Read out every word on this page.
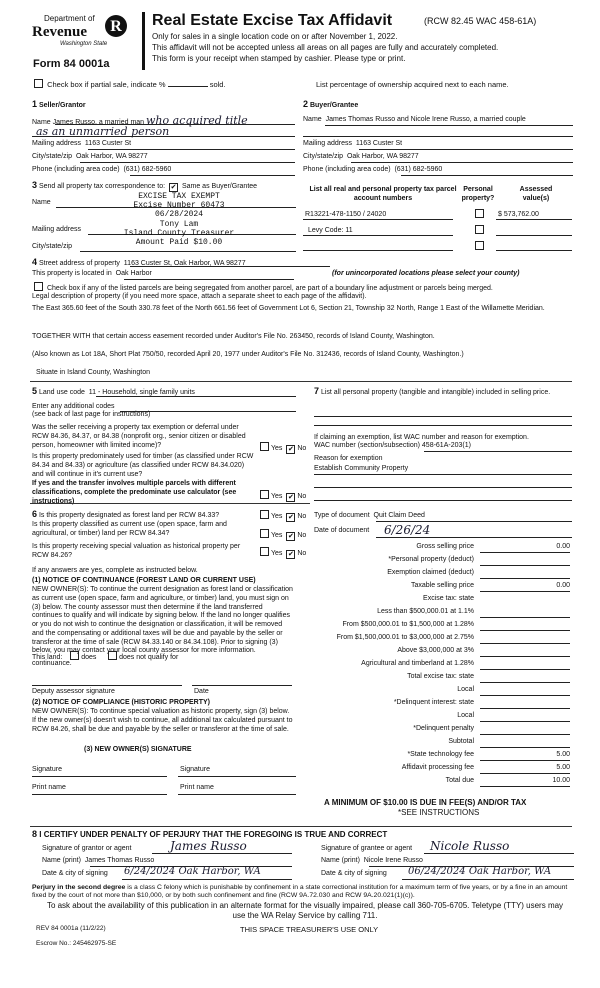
Department of
Revenue
Washington State
R
Form 84 0001a
Real Estate Excise Tax Affidavit	(RCW 82.45 WAC 458-61A)
Only for sales in a single location code on or after November 1, 2022.
This affidavit will not be accepted unless all areas on all pages are fully and accurately completed.
This form is your receipt when stamped by cashier. Please type or print.
Check box if partial sale, indicate %	sold.	List percentage of ownership acquired next to each name.
1 Seller/Grantor
Name James Russo, a married man who acquired title
as an unmarried person
Mailing address 1163 Custer St
City/state/zip Oak Harbor, WA 98277
Phone (including area code) (631) 682-5960
2 Buyer/Grantee
Name James Thomas Russo and Nicole Irene Russo, a married couple
Mailing address 1163 Custer St
City/state/zip Oak Harbor, WA 98277
Phone (including area code) (631) 682-5960
3 Send all property tax correspondence to: ✔ Same as Buyer/Grantee
Name
Mailing address
City/state/zip
EXCISE TAX EXEMPT
Excise Number 60473
06/28/2024
Tony Lam
Island County Treasurer
Amount Paid $10.00
List all real and personal property tax parcel account numbers
Personal property?
Assessed value(s)
R13221-478-1150 / 24020	$ 573,762.00
Levy Code: 11
4 Street address of property 1163 Custer St, Oak Harbor, WA 98277
This property is located in Oak Harbor	(for unincorporated locations please select your county)
Check box if any of the listed parcels are being segregated from another parcel, are part of a boundary line adjustment or parcels being merged.
Legal description of property (if you need more space, attach a separate sheet to each page of the affidavit).
The East 365.60 feet of the South 330.78 feet of the North 661.56 feet of Government Lot 6, Section 21, Township 32 North, Range 1 East of the Willamette Meridian.
TOGETHER WITH that certain access easement recorded under Auditor's File No. 263450, records of Island County, Washington.
(Also known as Lot 18A, Short Plat 750/50, recorded April 20, 1977 under Auditor's File No. 312436, records of Island County, Washington.)
Situate in Island County, Washington
5 Land use code 11 - Household, single family units
Enter any additional codes
(see back of last page for instructions)
Was the seller receiving a property tax exemption or deferral under RCW 84.36, 84.37, or 84.38 (nonprofit org., senior citizen or disabled person, homeowner with limited income)?	Yes ✔ No
Is this property predominately used for timber (as classified under RCW 84.34 and 84.33) or agriculture (as classified under RCW 84.34.020) and will continue in it's current use?
If yes and the transfer involves multiple parcels with different classifications, complete the predominate use calculator (see instructions)
Yes ✔ No
7 List all personal property (tangible and intangible) included in selling price.
If claiming an exemption, list WAC number and reason for exemption.
WAC number (section/subsection) 458-61A-203(1)
Reason for exemption
Establish Community Property
6 Is this property designated as forest land per RCW 84.33?	Yes ✔ No
Is this property classified as current use (open space, farm and agricultural, or timber) land per RCW 84.34?	Yes ✔ No
Is this property receiving special valuation as historical property per RCW 84.26?	Yes ✔ No
If any answers are yes, complete as instructed below.
(1) NOTICE OF CONTINUANCE (FOREST LAND OR CURRENT USE)
NEW OWNER(S): To continue the current designation as forest land or classification as current use (open space, farm and agriculture, or timber) land, you must sign on (3) below. The county assessor must then determine if the land transferred continues to qualify and will indicate by signing below. If the land no longer qualifies or you do not wish to continue the designation or classification, it will be removed and the compensating or additional taxes will be due and payable by the seller or transferor at the time of sale (RCW 84.33.140 or 84.34.108). Prior to signing (3) below, you may contact your local county assessor for more information.
This land:	does	does not qualify for
continuance.
Deputy assessor signature	Date
(2) NOTICE OF COMPLIANCE (HISTORIC PROPERTY)
NEW OWNER(S): To continue special valuation as historic property, sign (3) below. If the new owner(s) doesn't wish to continue, all additional tax calculated pursuant to RCW 84.26, shall be due and payable by the seller or transferor at the time of sale.
(3) NEW OWNER(S) SIGNATURE
Signature	Signature
Print name	Print name
Type of document Quit Claim Deed
Date of document 6/26/24
Gross selling price	0.00
*Personal property (deduct)
Exemption claimed (deduct)
Taxable selling price	0.00
Excise tax: state
Less than $500,000.01 at 1.1%
From $500,000.01 to $1,500,000 at 1.28%
From $1,500,000.01 to $3,000,000 at 2.75%
Above $3,000,000 at 3%
Agricultural and timberland at 1.28%
Total excise tax: state
Local
*Delinquent interest: state
Local
*Delinquent penalty
Subtotal
*State technology fee	5.00
Affidavit processing fee	5.00
Total due	10.00
A MINIMUM OF $10.00 IS DUE IN FEE(S) AND/OR TAX
*SEE INSTRUCTIONS
8 I CERTIFY UNDER PENALTY OF PERJURY THAT THE FOREGOING IS TRUE AND CORRECT
Signature of grantor or agent	James Russo
Name (print) James Thomas Russo
Date & city of signing 6/24/2024 Oak Harbor, WA
Signature of grantee or agent Nicole Russo
Name (print) Nicole Irene Russo
Date & city of signing 06/24/2024 Oak Harbor, WA
Perjury in the second degree is a class C felony which is punishable by confinement in a state correctional institution for a maximum term of five years, or by a fine in an amount fixed by the court of not more than $10,000, or by both such confinement and fine (RCW 9A.72.030 and RCW 9A.20.021(1)(c)).
To ask about the availability of this publication in an alternate format for the visually impaired, please call 360-705-6705. Teletype (TTY) users may use the WA Relay Service by calling 711.
REV 84 0001a (11/2/22)	THIS SPACE TREASURER'S USE ONLY
Escrow No.: 245462975-SE
